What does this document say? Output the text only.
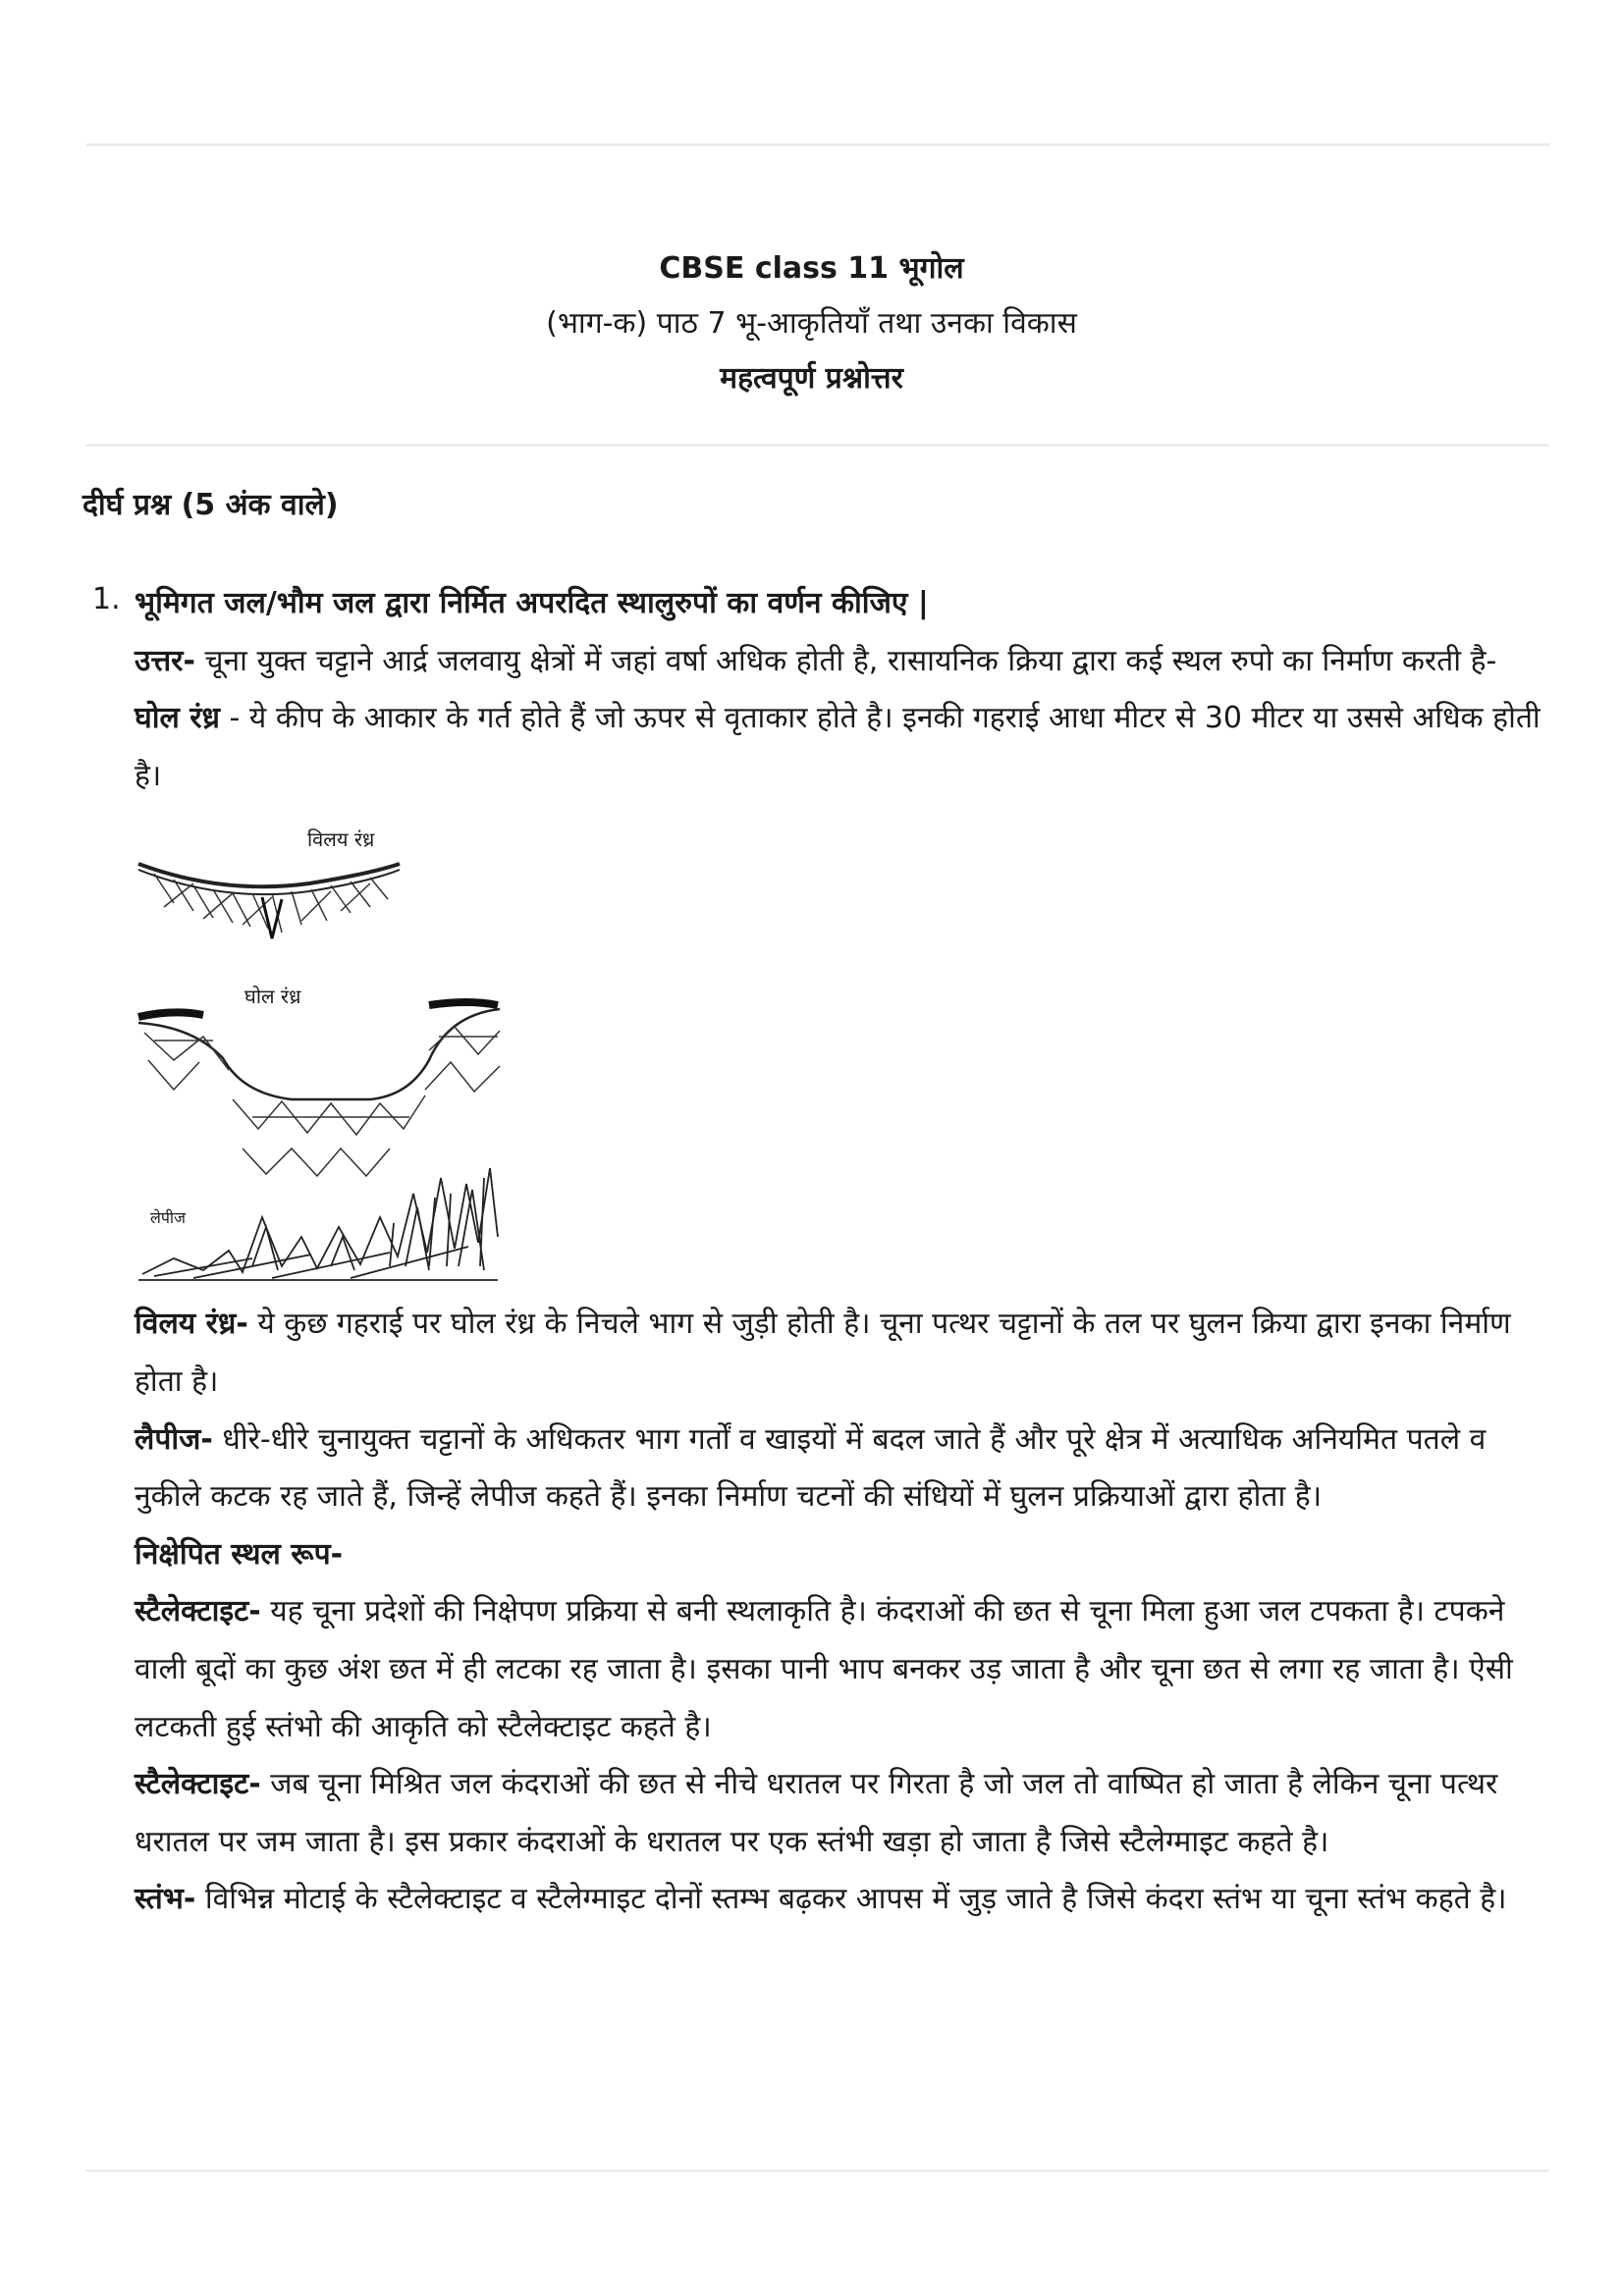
CBSE class 11 भूगोल
(भाग-क) पाठ 7 भू-आकृतियाँ तथा उनका विकास
महत्वपूर्ण प्रश्नोत्तर
दीर्घ प्रश्न (5 अंक वाले)
1. भूमिगत जल/भौम जल द्वारा निर्मित अपरदित स्थालुरुपों का वर्णन कीजिए |

उत्तर- चूना युक्त चट्टाने आर्द्र जलवायु क्षेत्रों में जहां वर्षा अधिक होती है, रासायनिक क्रिया द्वारा कई स्थल रुपो का निर्माण करती है-

घोल रंध्र - ये कीप के आकार के गर्त होते हैं जो ऊपर से वृताकार होते है। इनकी गहराई आधा मीटर से 30 मीटर या उससे अधिक होती है।

विलय रंध्र
घोल रंध्र
लेपीज

विलय रंध्र- ये कुछ गहराई पर घोल रंध्र के निचले भाग से जुड़ी होती है। चूना पत्थर चट्टानों के तल पर घुलन क्रिया द्वारा इनका निर्माण होता है।

लैपीज- धीरे-धीरे चुनायुक्त चट्टानों के अधिकतर भाग गर्तों व खाइयों में बदल जाते हैं और पूरे क्षेत्र में अत्याधिक अनियमित पतले व नुकीले कटक रह जाते हैं, जिन्हें लेपीज कहते हैं। इनका निर्माण चटनों की संधियों में घुलन प्रक्रियाओं द्वारा होता है।

निक्षेपित स्थल रूप-

स्टैलेक्टाइट- यह चूना प्रदेशों की निक्षेपण प्रक्रिया से बनी स्थलाकृति है। कंदराओं की छत से चूना मिला हुआ जल टपकता है। टपकने वाली बूदों का कुछ अंश छत में ही लटका रह जाता है। इसका पानी भाप बनकर उड़ जाता है और चूना छत से लगा रह जाता है। ऐसी लटकती हुई स्तंभो की आकृति को स्टैलेक्टाइट कहते है।

स्टैलेक्टाइट- जब चूना मिश्रित जल कंदराओं की छत से नीचे धरातल पर गिरता है जो जल तो वाष्पित हो जाता है लेकिन चूना पत्थर धरातल पर जम जाता है। इस प्रकार कंदराओं के धरातल पर एक स्तंभी खड़ा हो जाता है जिसे स्टैलेग्माइट कहते है।

स्तंभ- विभिन्न मोटाई के स्टैलेक्टाइट व स्टैलेग्माइट दोनों स्तम्भ बढ़कर आपस में जुड़ जाते है जिसे कंदरा स्तंभ या चूना स्तंभ कहते है।
